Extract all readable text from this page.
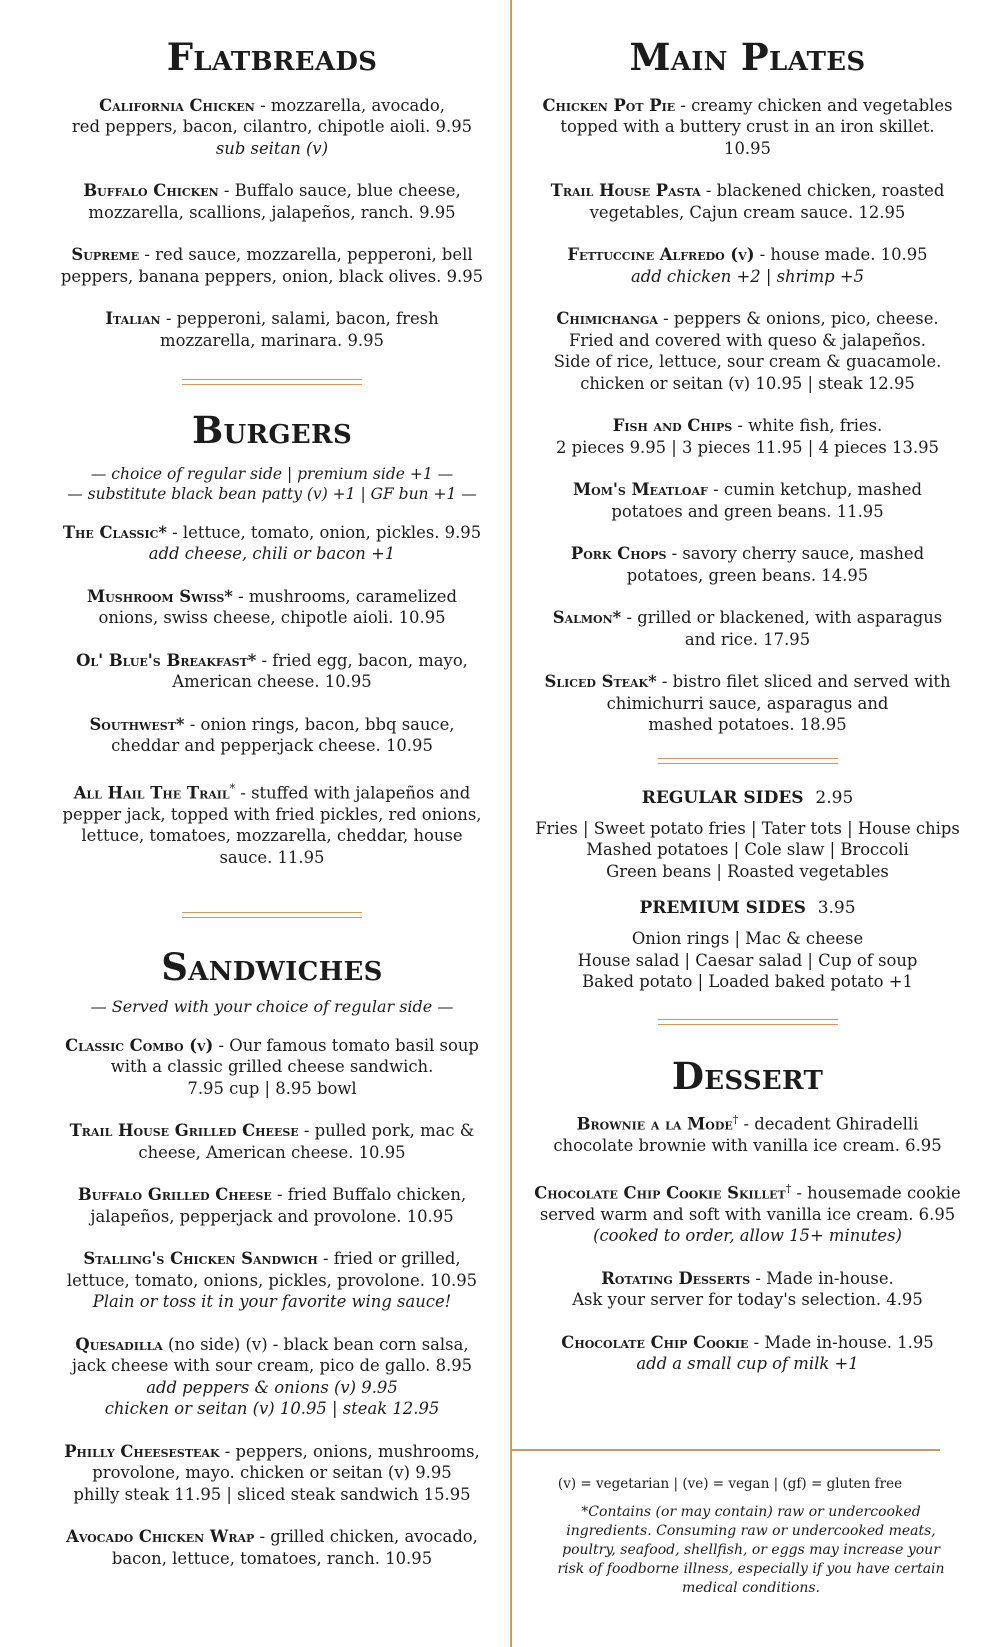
Flatbreads
California Chicken - mozzarella, avocado,
red peppers, bacon, cilantro, chipotle aioli. 9.95
sub seitan (v)
Buffalo Chicken - Buffalo sauce, blue cheese,
mozzarella, scallions, jalapeños, ranch. 9.95
Supreme - red sauce, mozzarella, pepperoni, bell
peppers, banana peppers, onion, black olives. 9.95
Italian - pepperoni, salami, bacon, fresh
mozzarella, marinara. 9.95
Burgers
— choice of regular side | premium side +1 —
— substitute black bean patty (v) +1 | GF bun +1 —
The Classic* - lettuce, tomato, onion, pickles. 9.95
add cheese, chili or bacon +1
Mushroom Swiss* - mushrooms, caramelized
onions, swiss cheese, chipotle aioli. 10.95
Ol' Blue's Breakfast* - fried egg, bacon, mayo,
American cheese. 10.95
Southwest* - onion rings, bacon, bbq sauce,
cheddar and pepperjack cheese. 10.95
All Hail The Trail* - stuffed with jalapeños and
pepper jack, topped with fried pickles, red onions,
lettuce, tomatoes, mozzarella, cheddar, house
sauce. 11.95
Sandwiches
— Served with your choice of regular side —
Classic Combo (v) - Our famous tomato basil soup
with a classic grilled cheese sandwich.
7.95 cup | 8.95 bowl
Trail House Grilled Cheese - pulled pork, mac &
cheese, American cheese. 10.95
Buffalo Grilled Cheese - fried Buffalo chicken,
jalapeños, pepperjack and provolone. 10.95
Stalling's Chicken Sandwich - fried or grilled,
lettuce, tomato, onions, pickles, provolone. 10.95
Plain or toss it in your favorite wing sauce!
Quesadilla (no side) (v) - black bean corn salsa,
jack cheese with sour cream, pico de gallo. 8.95
add peppers & onions (v) 9.95
chicken or seitan (v) 10.95 | steak 12.95
Philly Cheesesteak - peppers, onions, mushrooms,
provolone, mayo. chicken or seitan (v) 9.95
philly steak 11.95 | sliced steak sandwich 15.95
Avocado Chicken Wrap - grilled chicken, avocado,
bacon, lettuce, tomatoes, ranch. 10.95
Main Plates
Chicken Pot Pie - creamy chicken and vegetables
topped with a buttery crust in an iron skillet.
10.95
Trail House Pasta - blackened chicken, roasted
vegetables, Cajun cream sauce. 12.95
Fettuccine Alfredo (v) - house made. 10.95
add chicken +2 | shrimp +5
Chimichanga - peppers & onions, pico, cheese.
Fried and covered with queso & jalapeños.
Side of rice, lettuce, sour cream & guacamole.
chicken or seitan (v) 10.95 | steak 12.95
Fish and Chips - white fish, fries.
2 pieces 9.95 | 3 pieces 11.95 | 4 pieces 13.95
Mom's Meatloaf - cumin ketchup, mashed
potatoes and green beans. 11.95
Pork Chops - savory cherry sauce, mashed
potatoes, green beans. 14.95
Salmon* - grilled or blackened, with asparagus
and rice. 17.95
Sliced Steak* - bistro filet sliced and served with
chimichurri sauce, asparagus and
mashed potatoes. 18.95
REGULAR SIDES 2.95
Fries | Sweet potato fries | Tater tots | House chips
Mashed potatoes | Cole slaw | Broccoli
Green beans | Roasted vegetables
PREMIUM SIDES 3.95
Onion rings | Mac & cheese
House salad | Caesar salad | Cup of soup
Baked potato | Loaded baked potato +1
Dessert
Brownie a la Mode† - decadent Ghiradelli
chocolate brownie with vanilla ice cream. 6.95
Chocolate Chip Cookie Skillet† - housemade cookie
served warm and soft with vanilla ice cream. 6.95
(cooked to order, allow 15+ minutes)
Rotating Desserts - Made in-house.
Ask your server for today's selection. 4.95
Chocolate Chip Cookie - Made in-house. 1.95
add a small cup of milk +1
(v) = vegetarian | (ve) = vegan | (gf) = gluten free
*Contains (or may contain) raw or undercooked ingredients. Consuming raw or undercooked meats, poultry, seafood, shellfish, or eggs may increase your risk of foodborne illness, especially if you have certain medical conditions.
